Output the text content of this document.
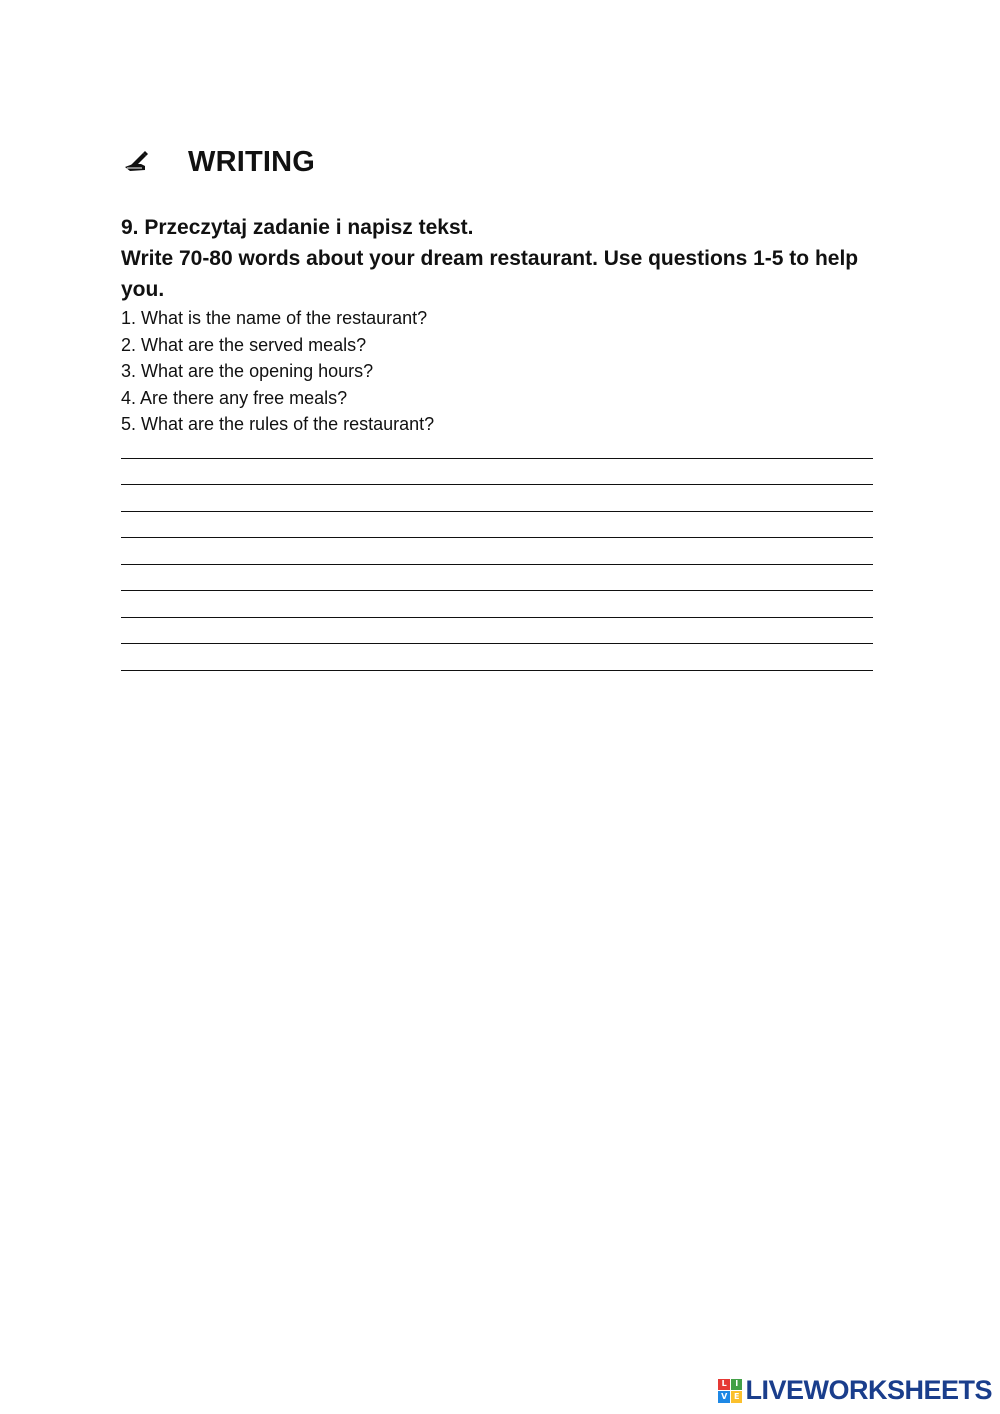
WRITING
9. Przeczytaj zadanie i napisz tekst.
Write 70-80 words about your dream restaurant. Use questions 1-5 to help you.
1. What is the name of the restaurant?
2. What are the served meals?
3. What are the opening hours?
4. Are there any free meals?
5. What are the rules of the restaurant?
L	I
V E LIVEWORKSHEETS
